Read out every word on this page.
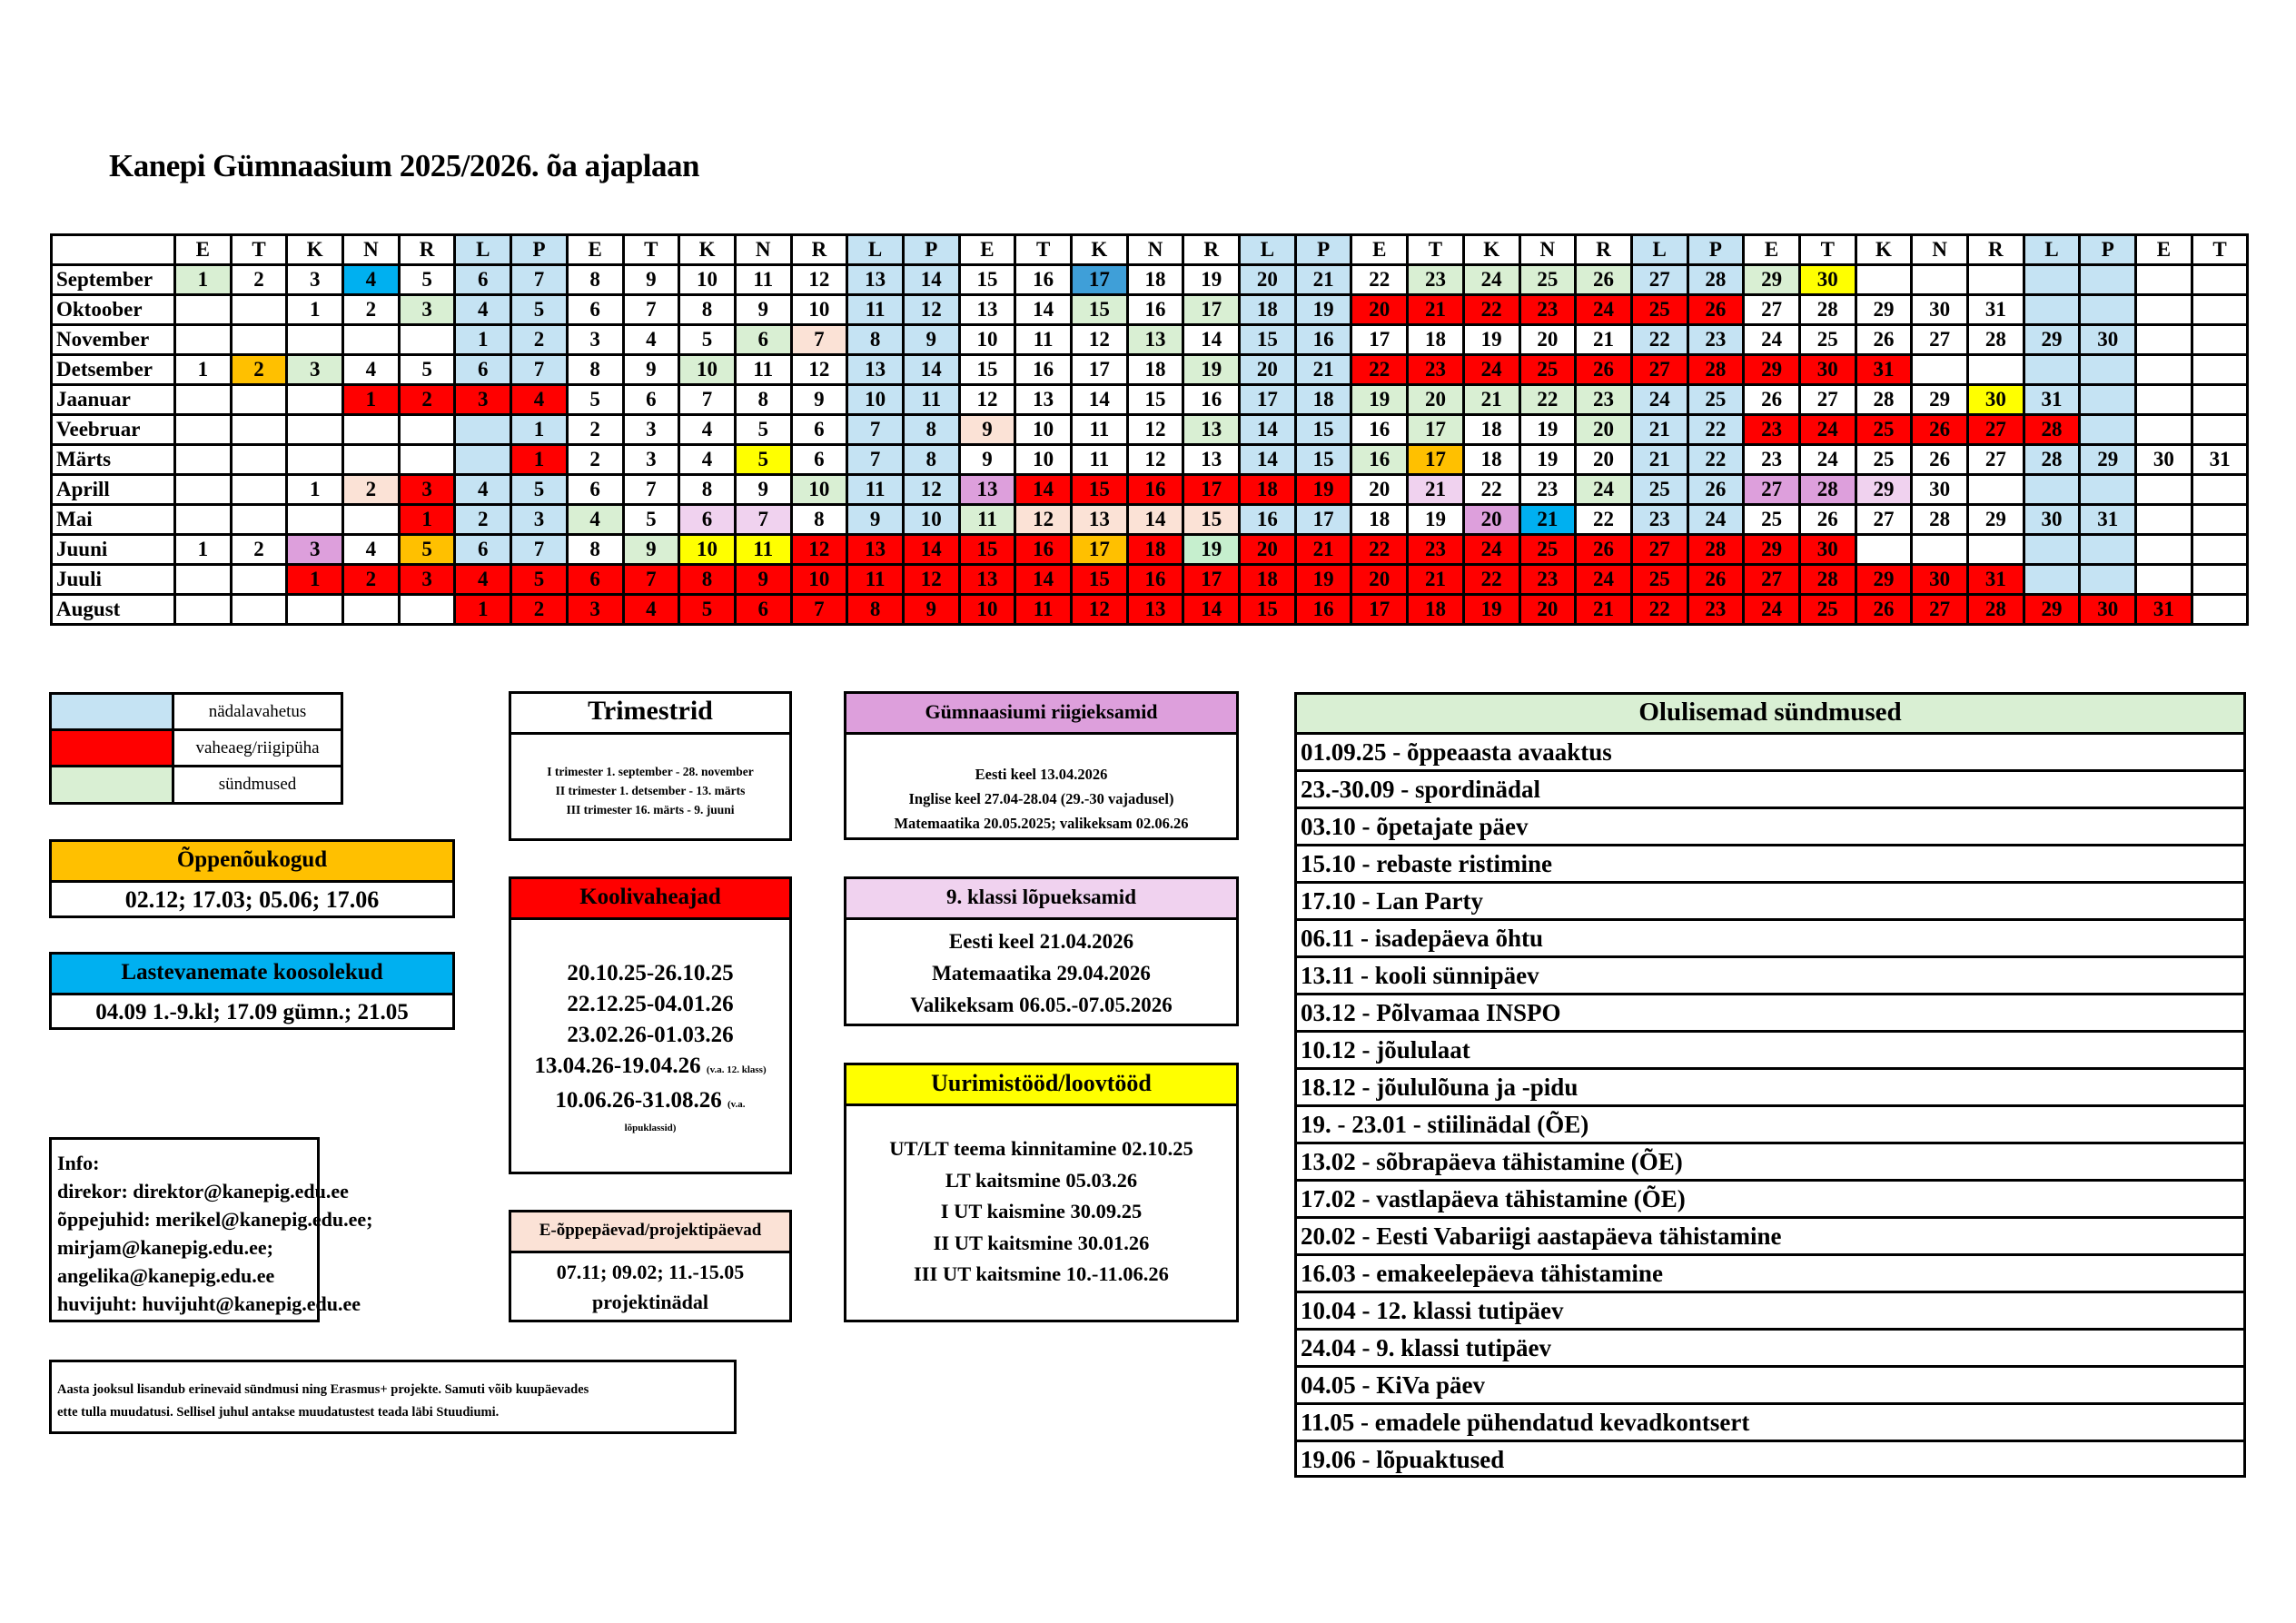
Kanepi Gümnaasium 2025/2026. õa ajaplaan
	E	T	K	N	R	L	P	E	T	K	N	R	L	P	E	T	K	N	R	L	P	E	T	K	N	R	L	P	E	T	K	N	R	L	P	E	T
September	1	2	3	4	5	6	7	8	9	10	11	12	13	14	15	16	17	18	19	20	21	22	23	24	25	26	27	28	29	30							
Oktoober			1	2	3	4	5	6	7	8	9	10	11	12	13	14	15	16	17	18	19	20	21	22	23	24	25	26	27	28	29	30	31				
November						1	2	3	4	5	6	7	8	9	10	11	12	13	14	15	16	17	18	19	20	21	22	23	24	25	26	27	28	29	30		
Detsember	1	2	3	4	5	6	7	8	9	10	11	12	13	14	15	16	17	18	19	20	21	22	23	24	25	26	27	28	29	30	31						
Jaanuar				1	2	3	4	5	6	7	8	9	10	11	12	13	14	15	16	17	18	19	20	21	22	23	24	25	26	27	28	29	30	31			
Veebruar							1	2	3	4	5	6	7	8	9	10	11	12	13	14	15	16	17	18	19	20	21	22	23	24	25	26	27	28			
Märts							1	2	3	4	5	6	7	8	9	10	11	12	13	14	15	16	17	18	19	20	21	22	23	24	25	26	27	28	29	30	31
Aprill			1	2	3	4	5	6	7	8	9	10	11	12	13	14	15	16	17	18	19	20	21	22	23	24	25	26	27	28	29	30					
Mai					1	2	3	4	5	6	7	8	9	10	11	12	13	14	15	16	17	18	19	20	21	22	23	24	25	26	27	28	29	30	31		
Juuni	1	2	3	4	5	6	7	8	9	10	11	12	13	14	15	16	17	18	19	20	21	22	23	24	25	26	27	28	29	30							
Juuli			1	2	3	4	5	6	7	8	9	10	11	12	13	14	15	16	17	18	19	20	21	22	23	24	25	26	27	28	29	30	31				
August						1	2	3	4	5	6	7	8	9	10	11	12	13	14	15	16	17	18	19	20	21	22	23	24	25	26	27	28	29	30	31	
nädalavahetus
vaheaeg/riigipüha
sündmused
Õppenõukogud
02.12; 17.03; 05.06; 17.06
Lastevanemate koosolekud
04.09 1.-9.kl; 17.09 gümn.; 21.05
Info:
direkor: direktor@kanepig.edu.ee
õppejuhid: merikel@kanepig.edu.ee;
mirjam@kanepig.edu.ee;
angelika@kanepig.edu.ee
huvijuht: huvijuht@kanepig.edu.ee
Aasta jooksul lisandub erinevaid sündmusi ning Erasmus+ projekte. Samuti võib kuupäevades
ette tulla muudatusi. Sellisel juhul antakse muudatustest teada läbi Stuudiumi.
Trimestrid
I trimester 1. september - 28. november
II trimester 1. detsember - 13. märts
III trimester 16. märts - 9. juuni
Koolivaheajad
20.10.25-26.10.25
22.12.25-04.01.26
23.02.26-01.03.26
13.04.26-19.04.26 (v.a. 12. klass)
10.06.26-31.08.26 (v.a.
lõpuklassid)
E-õppepäevad/projektipäevad
07.11; 09.02; 11.-15.05
projektinädal
Gümnaasiumi riigieksamid
Eesti keel 13.04.2026
Inglise keel 27.04-28.04 (29.-30 vajadusel)
Matemaatika 20.05.2025; valikeksam 02.06.26
9. klassi lõpueksamid
Eesti keel 21.04.2026
Matemaatika 29.04.2026
Valikeksam 06.05.-07.05.2026
Uurimistööd/loovtööd
UT/LT teema kinnitamine 02.10.25
LT kaitsmine 05.03.26
I UT kaismine 30.09.25
II UT kaitsmine 30.01.26
III UT kaitsmine 10.-11.06.26
Olulisemad sündmused
01.09.25 - õppeaasta avaaktus
23.-30.09 - spordinädal
03.10 - õpetajate päev
15.10 - rebaste ristimine
17.10 - Lan Party
06.11 - isadepäeva õhtu
13.11 - kooli sünnipäev
03.12 - Põlvamaa INSPO
10.12 - jõululaat
18.12 - jõululõuna ja -pidu
19. - 23.01 - stiilinädal (ÕE)
13.02 - sõbrapäeva tähistamine (ÕE)
17.02 - vastlapäeva tähistamine (ÕE)
20.02 - Eesti Vabariigi aastapäeva tähistamine
16.03 - emakeelepäeva tähistamine
10.04 - 12. klassi tutipäev
24.04 - 9. klassi tutipäev
04.05 - KiVa päev
11.05 - emadele pühendatud kevadkontsert
19.06 - lõpuaktused
